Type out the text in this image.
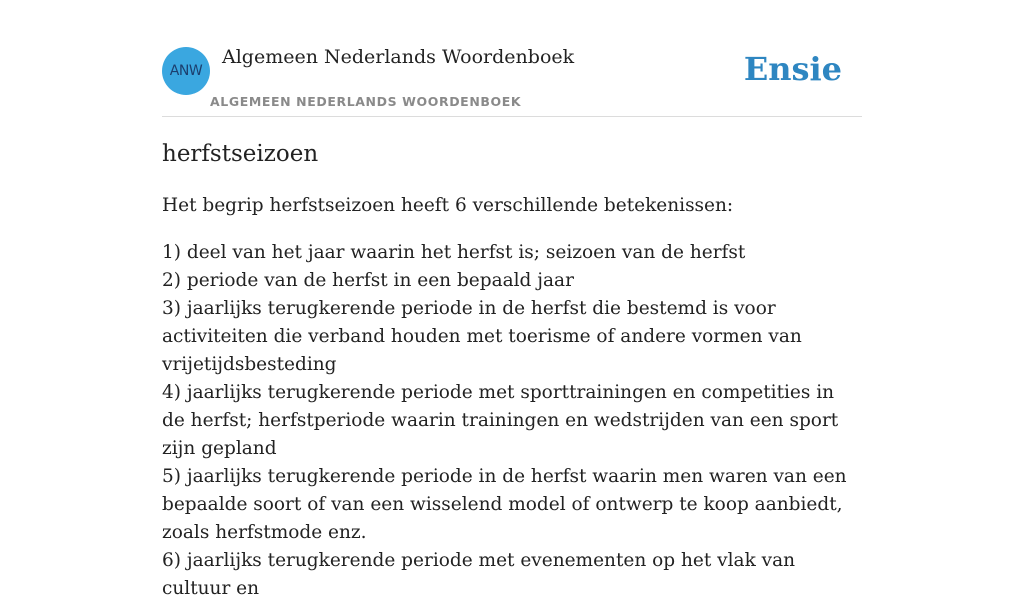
ANW
Algemeen Nederlands Woordenboek
ALGEMEEN NEDERLANDS WOORDENBOEK
Ensie
herfstseizoen

Het begrip herfstseizoen heeft 6 verschillende betekenissen:

1) deel van het jaar waarin het herfst is; seizoen van de herfst
2) periode van de herfst in een bepaald jaar
3) jaarlijks terugkerende periode in de herfst die bestemd is voor activiteiten die verband houden met toerisme of andere vormen van vrijetijdsbesteding
4) jaarlijks terugkerende periode met sporttrainingen en competities in de herfst; herfstperiode waarin trainingen en wedstrijden van een sport zijn gepland
5) jaarlijks terugkerende periode in de herfst waarin men waren van een bepaalde soort of van een wisselend model of ontwerp te koop aanbiedt, zoals herfstmode enz.
6) jaarlijks terugkerende periode met evenementen op het vlak van cultuur en
